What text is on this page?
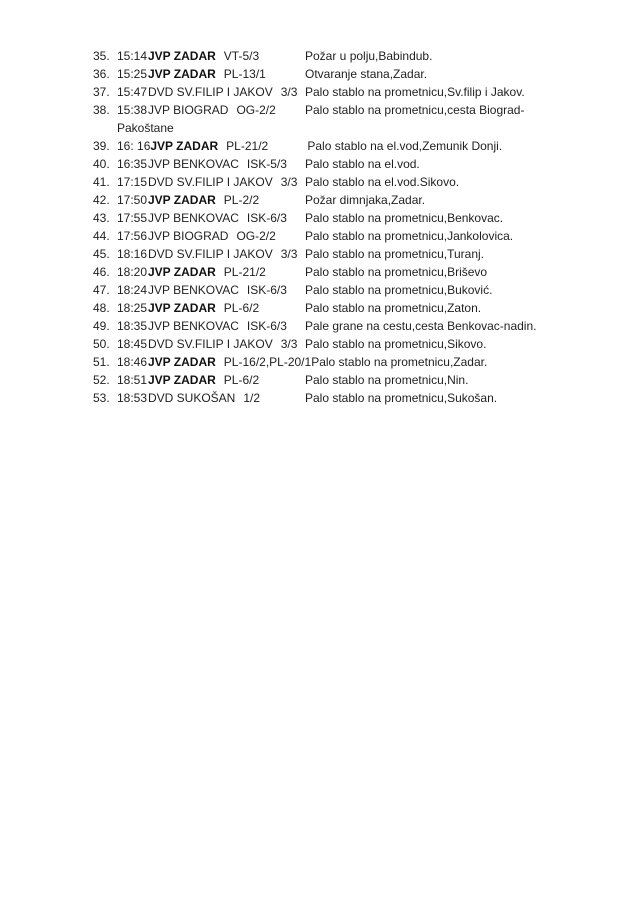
35. 15:14 JVP ZADAR VT-5/3	Požar u polju,Babindub.
36. 15:25 JVP ZADAR PL-13/1	Otvaranje stana,Zadar.
37. 15:47 DVD SV.FILIP I JAKOV 3/3 Palo stablo na prometnicu,Sv.filip i Jakov.
38. 15:38 JVP BIOGRAD OG-2/2 Palo stablo na prometnicu,cesta Biograd-
Pakoštane
39. 16: 16 JVP ZADAR PL-21/2	Palo stablo na el.vod,Zemunik Donji.
40. 16:35 JVP BENKOVAC ISK-5/3 Palo stablo na el.vod.
41. 17:15 DVD SV.FILIP I JAKOV 3/3 Palo stablo na el.vod.Sikovo.
42. 17:50 JVP ZADAR PL-2/2	Požar dimnjaka,Zadar.
43. 17:55 JVP BENKOVAC ISK-6/3 Palo stablo na prometnicu,Benkovac.
44. 17:56 JVP BIOGRAD OG-2/2 Palo stablo na prometnicu,Jankolovica.
45. 18:16 DVD SV.FILIP I JAKOV 3/3 Palo stablo na prometnicu,Turanj.
46. 18:20 JVP ZADAR PL-21/2	Palo stablo na prometnicu,Briševo
47. 18:24 JVP BENKOVAC ISK-6/3 Palo stablo na prometnicu,Buković.
48. 18:25 JVP ZADAR PL-6/2	Palo stablo na prometnicu,Zaton.
49. 18:35 JVP BENKOVAC ISK-6/3 Pale grane na cestu,cesta Benkovac-nadin.
50. 18:45 DVD SV.FILIP I JAKOV 3/3 Palo stablo na prometnicu,Sikovo.
51. 18:46 JVP ZADAR PL-16/2,PL-20/1 Palo stablo na prometnicu,Zadar.
52. 18:51 JVP ZADAR PL-6/2	Palo stablo na prometnicu,Nin.
53. 18:53 DVD SUKOŠAN 1/2	Palo stablo na prometnicu,Sukošan.
